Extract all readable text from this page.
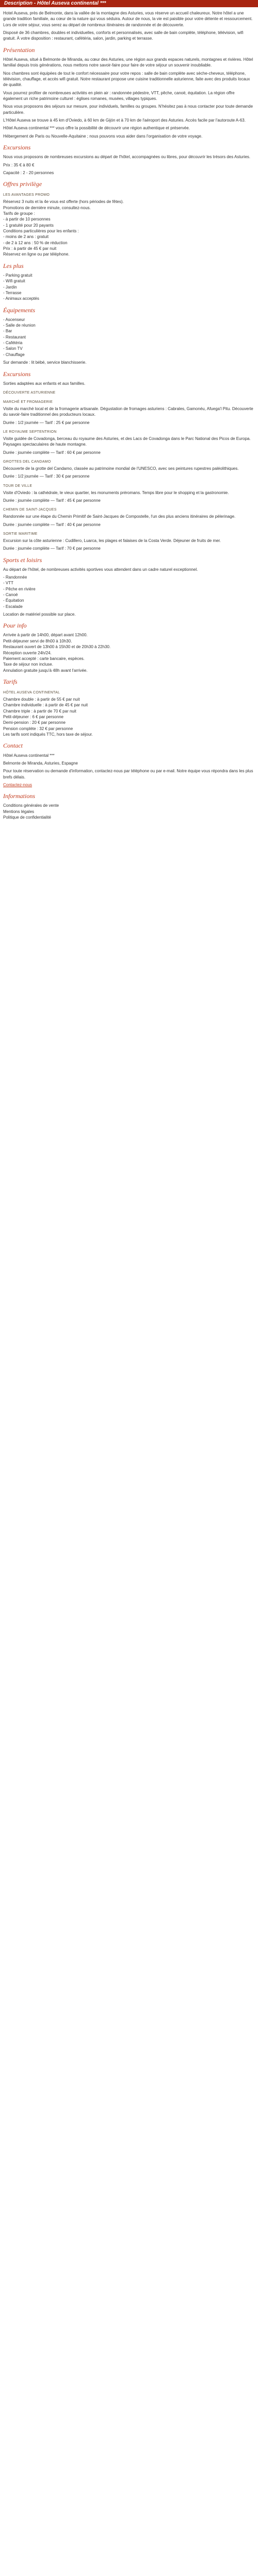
Description - Hôtel Auseva continental ***

Hotel Auseva, près de Belmonte, dans la vallée de la montagne des Asturies, vous réserve un accueil chaleureux. Notre hôtel a une grande tradition familiale, au cœur de la nature qui vous séduira. Autour de nous, la vie est paisible pour votre détente et ressourcement. Lors de votre séjour, vous serez au départ de nombreux itinéraires de randonnée et de découverte.

Disposé de 36 chambres, doubles et individuelles, conforts et personnalisés, avec salle de bain complète, téléphone, télévision, wifi gratuit. À votre disposition : restaurant, cafétéria, salon, jardin, parking et terrasse.

Présentation

Hôtel Auseva, situé à Belmonte de Miranda, au cœur des Asturies, une région aux grands espaces naturels, montagnes et rivières. Hôtel familial depuis trois générations, nous mettons notre savoir-faire pour faire de votre séjour un souvenir inoubliable.

Nos chambres sont équipées de tout le confort nécessaire pour votre repos : salle de bain complète avec sèche-cheveux, téléphone, télévision, chauffage, et accès wifi gratuit. Notre restaurant propose une cuisine traditionnelle asturienne, faite avec des produits locaux de qualité.

Vous pourrez profiter de nombreuses activités en plein air : randonnée pédestre, VTT, pêche, canoë, équitation. La région offre également un riche patrimoine culturel : églises romanes, musées, villages typiques.

Nous vous proposons des séjours sur mesure, pour individuels, familles ou groupes. N'hésitez pas à nous contacter pour toute demande particulière.

L'Hôtel Auseva se trouve à 45 km d'Oviedo, à 60 km de Gijón et à 70 km de l'aéroport des Asturies. Accès facile par l'autoroute A-63.

Hôtel Auseva continental *** vous offre la possibilité de découvrir une région authentique et préservée.

Hébergement de Paris ou Nouvelle-Aquitaine ; nous pouvons vous aider dans l'organisation de votre voyage.

Excursions

Nous vous proposons de nombreuses excursions au départ de l'hôtel, accompagnées ou libres, pour découvrir les trésors des Asturies.

Prix : 35 € à 80 €

Capacité : 2 - 20 personnes

Offres privilège
LES AVANTAGES PROMO
Réservez 3 nuits et la 4e vous est offerte (hors périodes de fêtes).
Promotions de dernière minute, consultez-nous.
Tarifs de groupe :
- à partir de 10 personnes
- 1 gratuité pour 20 payants
Conditions particulières pour les enfants :
- moins de 2 ans : gratuit
- de 2 à 12 ans : 50 % de réduction
Prix : à partir de 45 € par nuit
Réservez en ligne ou par téléphone.
Les plus
- Parking gratuit
- Wifi gratuit
- Jardin
- Terrasse
- Animaux acceptés
Équipements
- Ascenseur
- Salle de réunion
- Bar
- Restaurant
- Cafétéria
- Salon TV
- Chauffage

Sur demande : lit bébé, service blanchisserie.

Excursions

Sorties adaptées aux enfants et aux familles.

DÉCOUVERTE ASTURIENNE
MARCHÉ ET FROMAGERIE

Visite du marché local et de la fromagerie artisanale. Dégustation de fromages asturiens : Cabrales, Gamonéu, Afuega'l Pitu. Découverte du savoir-faire traditionnel des producteurs locaux.

Durée : 1/2 journée — Tarif : 25 € par personne

LE ROYAUME SEPTENTRION

Visite guidée de Covadonga, berceau du royaume des Asturies, et des Lacs de Covadonga dans le Parc National des Picos de Europa. Paysages spectaculaires de haute montagne.

Durée : journée complète — Tarif : 60 € par personne

GROTTES DEL CANDAMO

Découverte de la grotte del Candamo, classée au patrimoine mondial de l'UNESCO, avec ses peintures rupestres paléolithiques.

Durée : 1/2 journée — Tarif : 30 € par personne

TOUR DE VILLE

Visite d'Oviedo : la cathédrale, le vieux quartier, les monuments préromans. Temps libre pour le shopping et la gastronomie.

Durée : journée complète — Tarif : 45 € par personne

CHEMIN DE SAINT-JACQUES

Randonnée sur une étape du Chemin Primitif de Saint-Jacques de Compostelle, l'un des plus anciens itinéraires de pèlerinage.

Durée : journée complète — Tarif : 40 € par personne

SORTIE MARITIME

Excursion sur la côte asturienne : Cudillero, Luarca, les plages et falaises de la Costa Verde. Déjeuner de fruits de mer.

Durée : journée complète — Tarif : 70 € par personne

Sports et loisirs

Au départ de l'hôtel, de nombreuses activités sportives vous attendent dans un cadre naturel exceptionnel.

- Randonnée
- VTT
- Pêche en rivière
- Canoë
- Équitation
- Escalade

Location de matériel possible sur place.

Pour info
Arrivée à partir de 14h00, départ avant 12h00.
Petit-déjeuner servi de 8h00 à 10h30.
Restaurant ouvert de 13h00 à 15h30 et de 20h30 à 22h30.
Réception ouverte 24h/24.
Paiement accepté : carte bancaire, espèces.
Taxe de séjour non incluse.
Annulation gratuite jusqu'à 48h avant l'arrivée.
Tarifs
HÔTEL AUSEVA CONTINENTAL
Chambre double : à partir de 55 € par nuit
Chambre individuelle : à partir de 45 € par nuit
Chambre triple : à partir de 70 € par nuit
Petit-déjeuner : 6 € par personne
Demi-pension : 20 € par personne
Pension complète : 32 € par personne
Les tarifs sont indiqués TTC, hors taxe de séjour.
Contact

Hôtel Auseva continental ***

Belmonte de Miranda, Asturies, Espagne

Pour toute réservation ou demande d'information, contactez-nous par téléphone ou par e-mail. Notre équipe vous répondra dans les plus brefs délais.

Contactez-nous
Informations
Conditions générales de vente
Mentions légales
Politique de confidentialité
